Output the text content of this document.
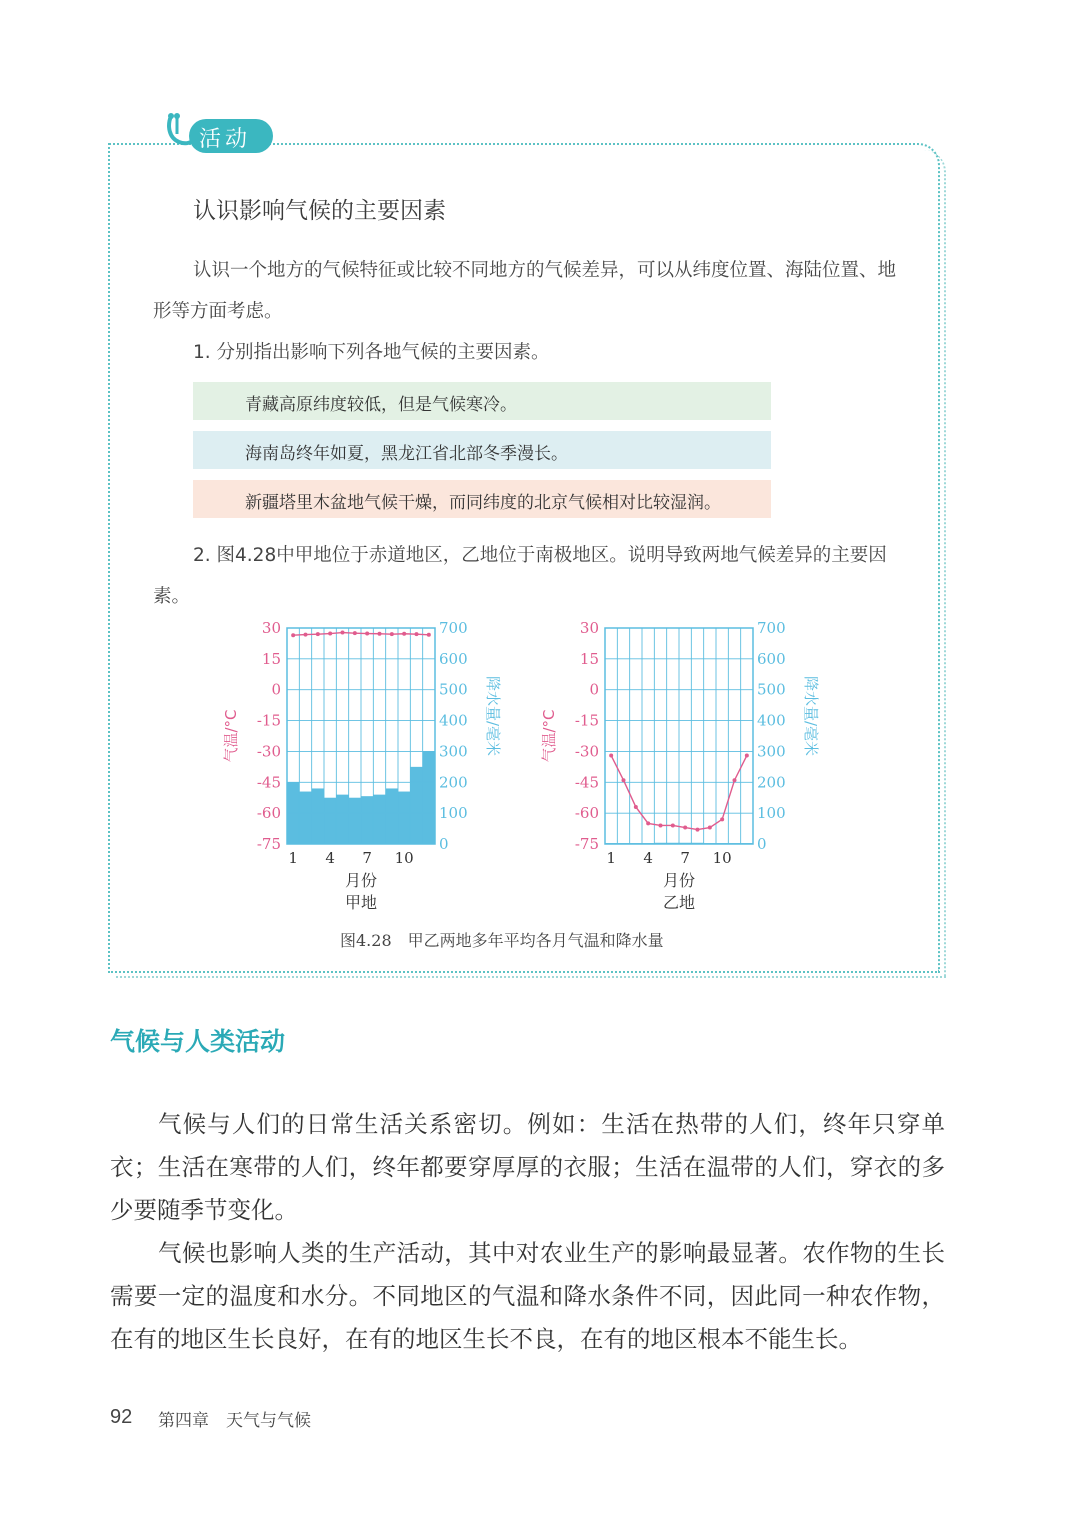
活动
认识影响气候的主要因素
认识一个地方的气候特征或比较不同地方的气候差异，可以从纬度位置、海陆位置、地形等方面考虑。
1. 分别指出影响下列各地气候的主要因素。
青藏高原纬度较低，但是气候寒冷。
海南岛终年如夏，黑龙江省北部冬季漫长。
新疆塔里木盆地气候干燥，而同纬度的北京气候相对比较湿润。
2. 图4.28中甲地位于赤道地区，乙地位于南极地区。说明导致两地气候差异的主要因素。
30
15
0
-15
-30
-45
-60
-75
700
600
500
400
300
200
100
0
1 4 7 10
月份
甲地
气温/°C	降水量/毫米
30
15
0
-15
-30
-45
-60
-75
700
600
500
400
300
200
100
0
1 4 7 10
月份
乙地
气温/°C	降水量/毫米
图4.28　甲乙两地多年平均各月气温和降水量
气候与人类活动
气候与人们的日常生活关系密切。例如：生活在热带的人们，终年只穿单衣；生活在寒带的人们，终年都要穿厚厚的衣服；生活在温带的人们，穿衣的多少要随季节变化。
气候也影响人类的生产活动，其中对农业生产的影响最显著。农作物的生长需要一定的温度和水分。不同地区的气温和降水条件不同，因此同一种农作物，在有的地区生长良好，在有的地区生长不良，在有的地区根本不能生长。
92 第四章　天气与气候
